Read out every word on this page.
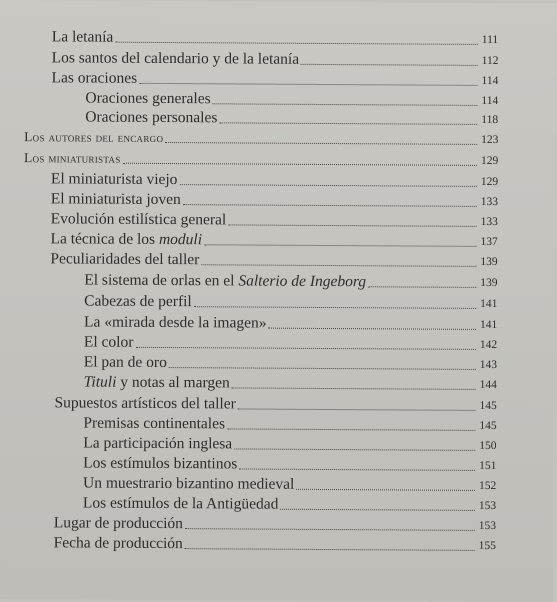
La letanía	111
Los santos del calendario y de la letanía	112
Las oraciones	114
Oraciones generales	114
Oraciones personales	118
Los autores del encargo	123
Los miniaturistas	129
El miniaturista viejo	129
El miniaturista joven	133
Evolución estilística general	133
La técnica de los moduli	137
Peculiaridades del taller	139
El sistema de orlas en el Salterio de Ingeborg	139
Cabezas de perfil	141
La «mirada desde la imagen»	141
El color	142
El pan de oro	143
Tituli y notas al margen	144
Supuestos artísticos del taller	145
Premisas continentales	145
La participación inglesa	150
Los estímulos bizantinos	151
Un muestrario bizantino medieval	152
Los estímulos de la Antigüedad	153
Lugar de producción	153
Fecha de producción	155
